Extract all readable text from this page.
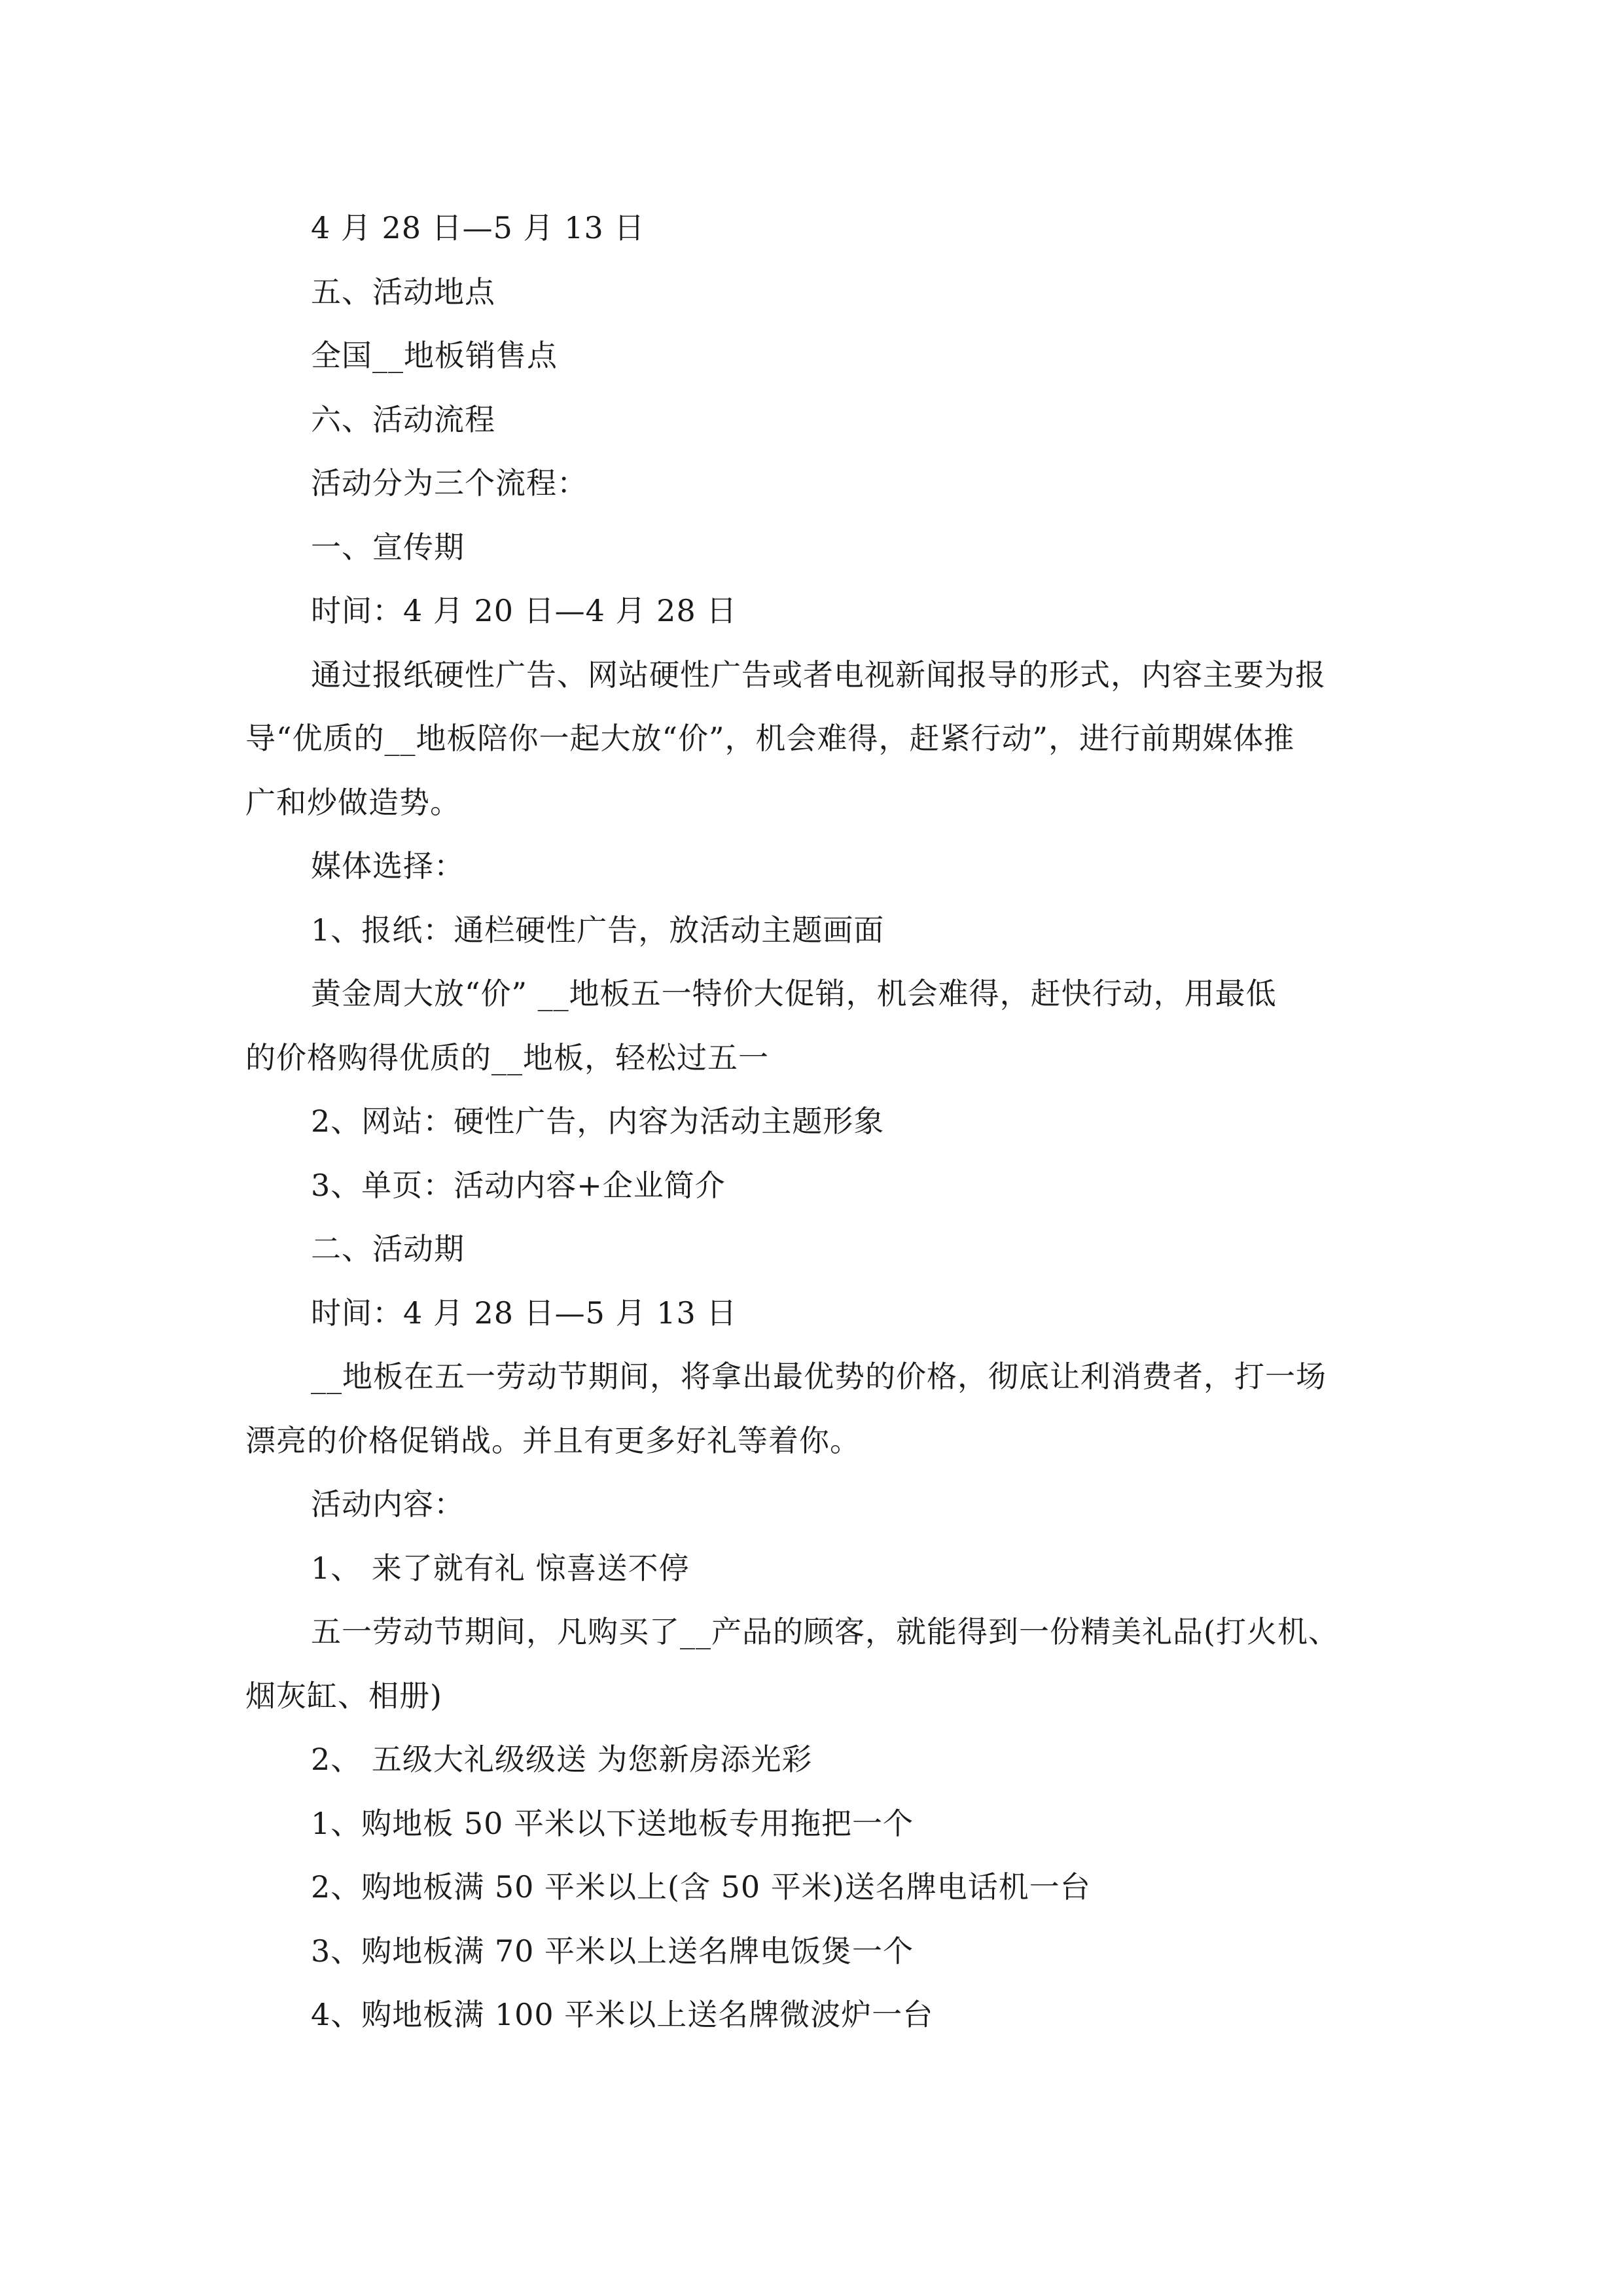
4 月 28 日—5 月 13 日
五、活动地点
全国__地板销售点
六、活动流程
活动分为三个流程：
一、宣传期
时间：4 月 20 日—4 月 28 日
通过报纸硬性广告、网站硬性广告或者电视新闻报导的形式，内容主要为报
导“优质的__地板陪你一起大放“价”，机会难得，赶紧行动”，进行前期媒体推
广和炒做造势。
媒体选择：
1、报纸：通栏硬性广告，放活动主题画面
黄金周大放“价” __地板五一特价大促销，机会难得，赶快行动，用最低
的价格购得优质的__地板，轻松过五一
2、网站：硬性广告，内容为活动主题形象
3、单页：活动内容+企业简介
二、活动期
时间：4 月 28 日—5 月 13 日
__地板在五一劳动节期间，将拿出最优势的价格，彻底让利消费者，打一场
漂亮的价格促销战。并且有更多好礼等着你。
活动内容：
1、 来了就有礼 惊喜送不停
五一劳动节期间，凡购买了__产品的顾客，就能得到一份精美礼品(打火机、
烟灰缸、相册)
2、 五级大礼级级送 为您新房添光彩
1、购地板 50 平米以下送地板专用拖把一个
2、购地板满 50 平米以上(含 50 平米)送名牌电话机一台
3、购地板满 70 平米以上送名牌电饭煲一个
4、购地板满 100 平米以上送名牌微波炉一台
